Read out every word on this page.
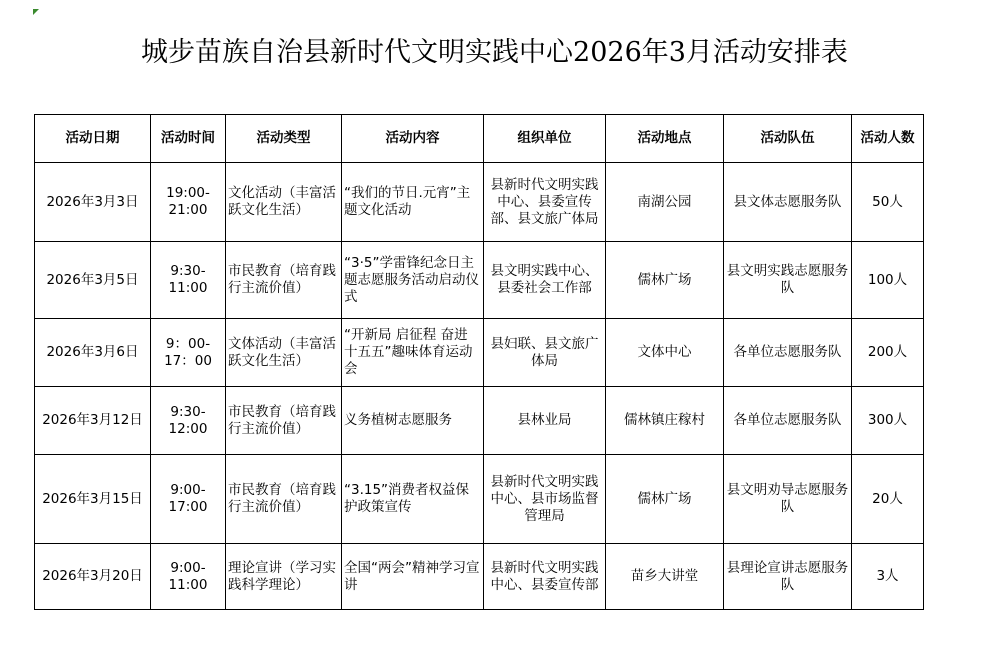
城步苗族自治县新时代文明实践中心2026年3月活动安排表
活动日期	活动时间	活动类型	活动内容	组织单位	活动地点	活动队伍	活动人数
2026年3月3日	19:00-21:00	文化活动（丰富活跃文化生活）	“我们的节日.元宵”主题文化活动	县新时代文明实践中心、县委宣传部、县文旅广体局	南湖公园	县文体志愿服务队	50人
2026年3月5日	9:30-11:00	市民教育（培育践行主流价值）	“3·5”学雷锋纪念日主题志愿服务活动启动仪式	县文明实践中心、县委社会工作部	儒林广场	县文明实践志愿服务队	100人
2026年3月6日	9：00-17：00	文体活动（丰富活跃文化生活）	“开新局 启征程 奋进十五五”趣味体育运动会	县妇联、县文旅广体局	文体中心	各单位志愿服务队	200人
2026年3月12日	9:30-12:00	市民教育（培育践行主流价值）	义务植树志愿服务	县林业局	儒林镇庄稼村	各单位志愿服务队	300人
2026年3月15日	9:00-17:00	市民教育（培育践行主流价值）	“3.15”消费者权益保护政策宣传	县新时代文明实践中心、县市场监督管理局	儒林广场	县文明劝导志愿服务队	20人
2026年3月20日	9:00-11:00	理论宣讲（学习实践科学理论）	全国“两会”精神学习宣讲	县新时代文明实践中心、县委宣传部	苗乡大讲堂	县理论宣讲志愿服务队	3人
